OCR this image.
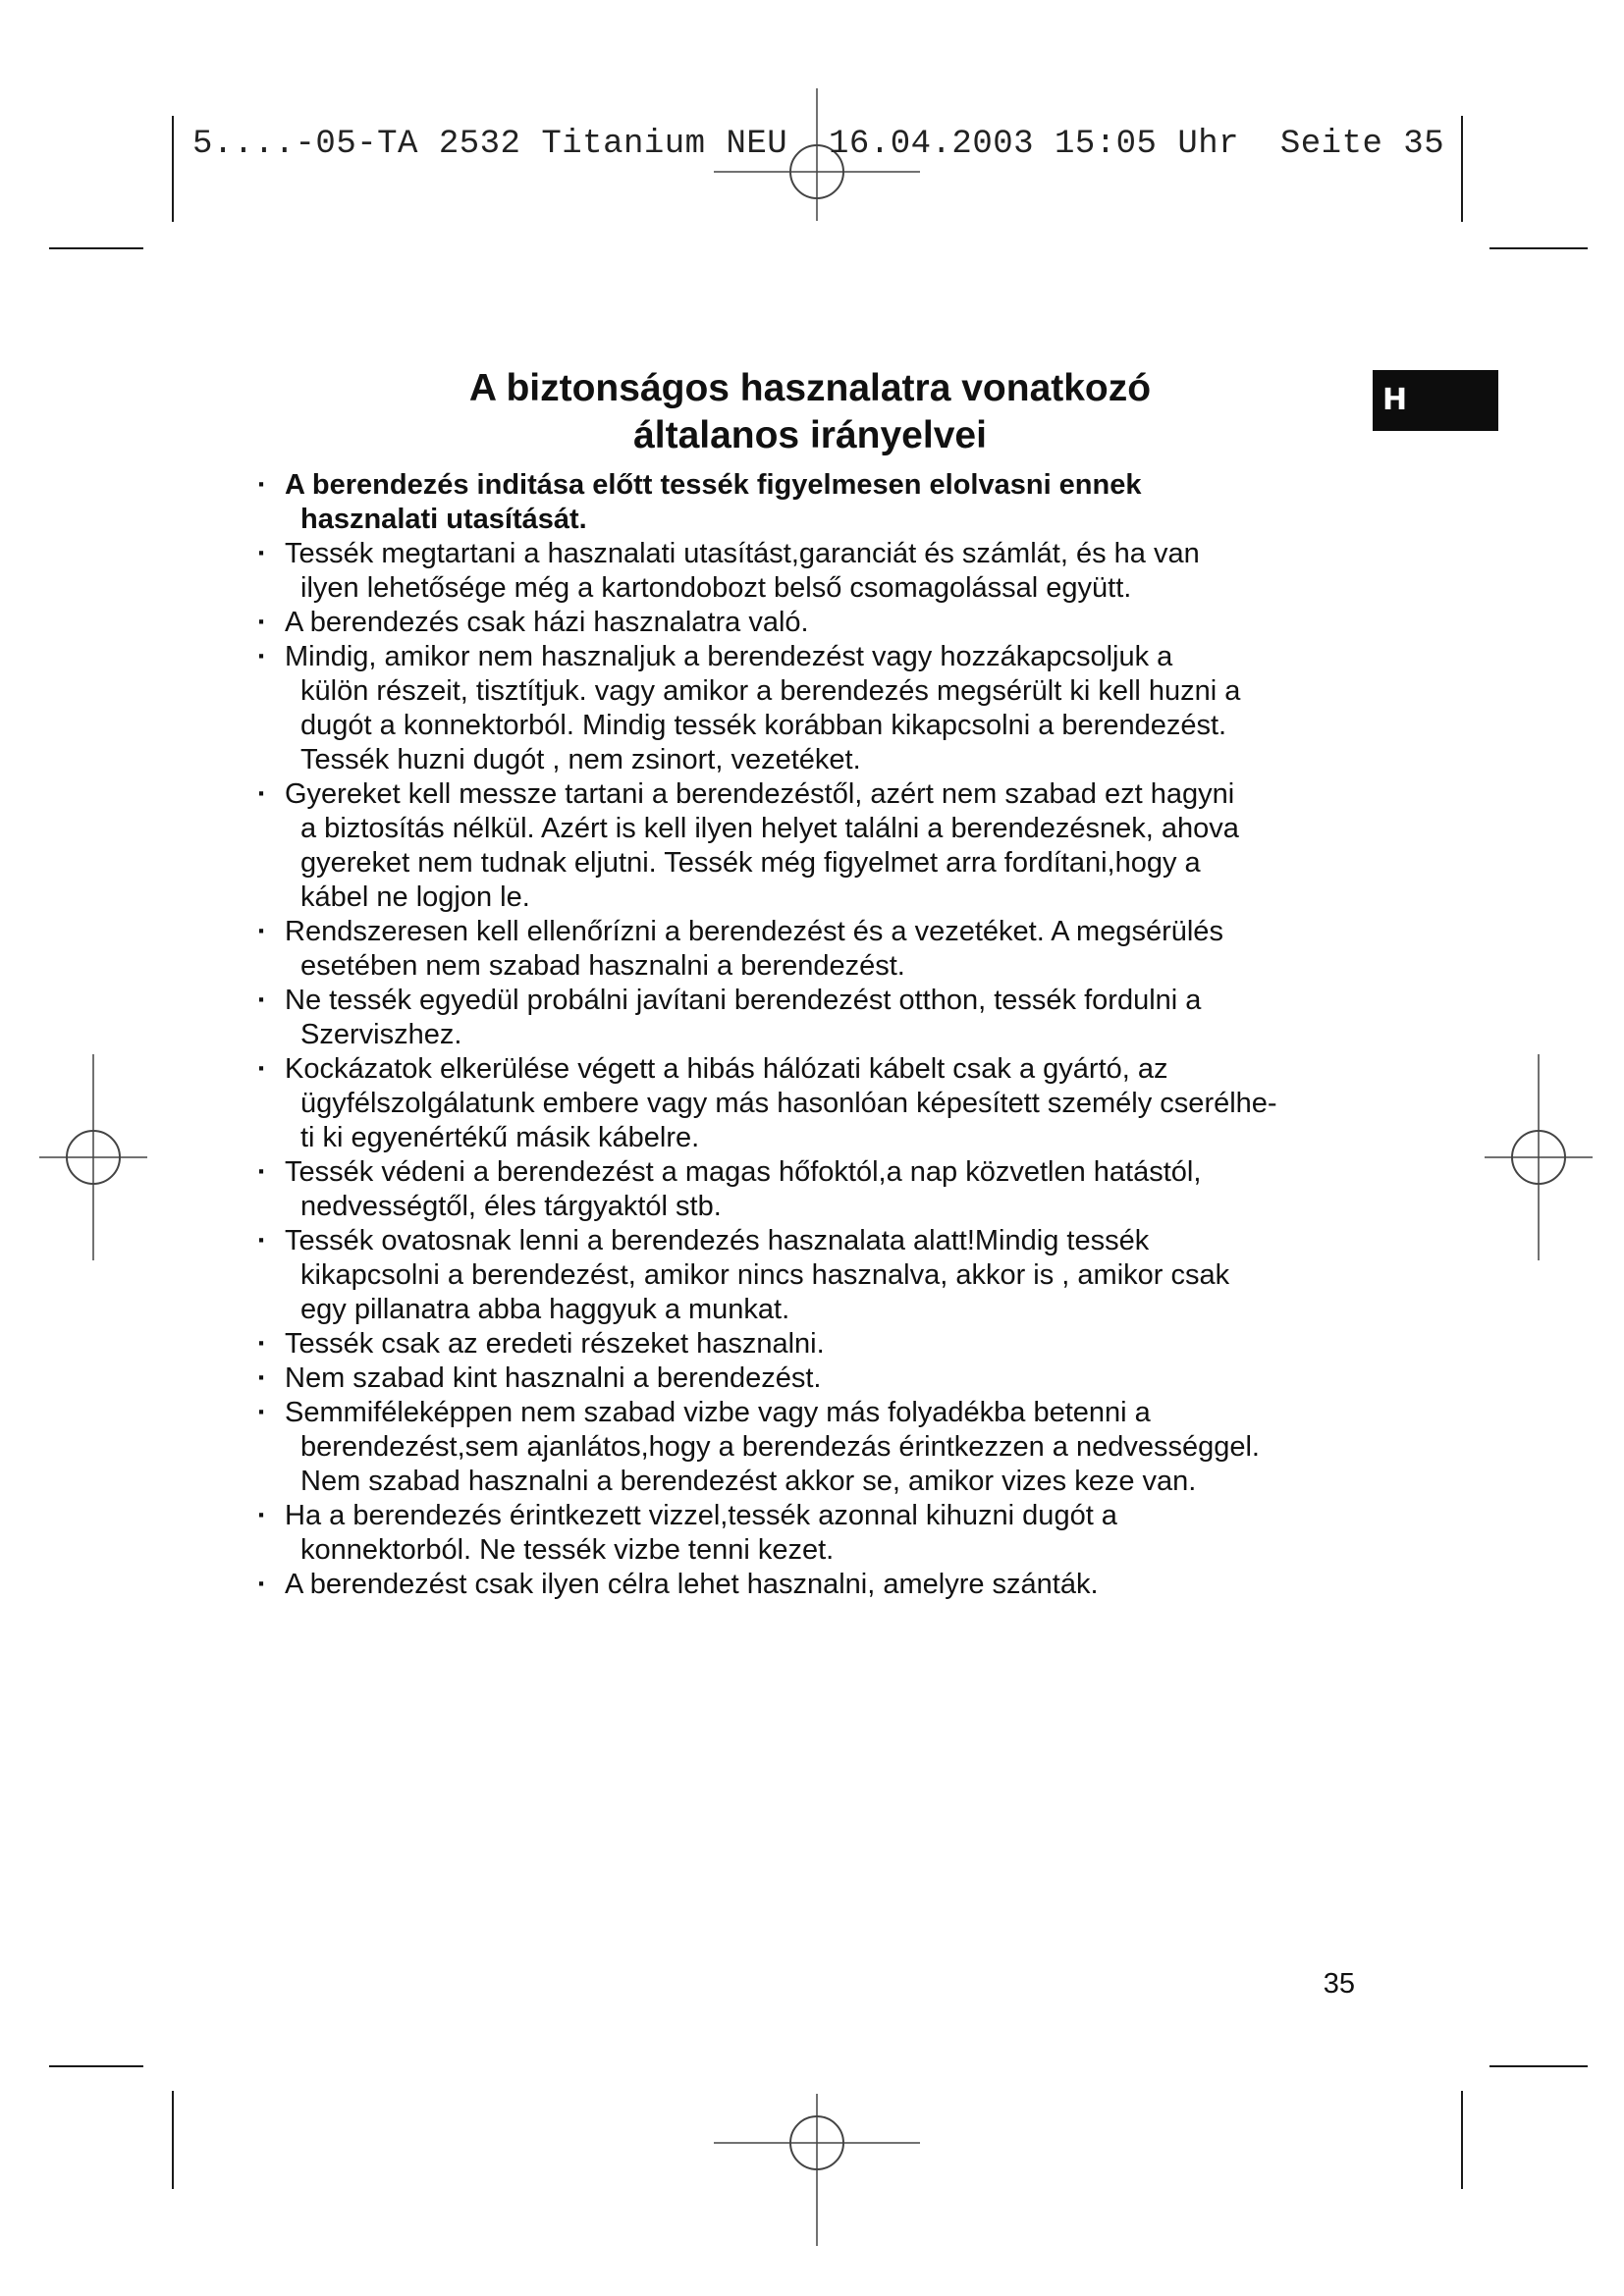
5....-05-TA 2532 Titanium NEU  16.04.2003 15:05 Uhr  Seite 35
H
A biztonságos hasznalatra vonatkozó
általanos irányelvei
· A berendezés inditása előtt tessék figyelmesen elolvasni ennek
hasznalati utasítását.
· Tessék megtartani a hasznalati utasítást,garanciát és számlát, és ha van
ilyen lehetősége még a kartondobozt belső csomagolással együtt.
· A berendezés csak házi hasznalatra való.
· Mindig, amikor nem hasznaljuk a berendezést vagy hozzákapcsoljuk a
külön részeit, tisztítjuk. vagy amikor a berendezés megsérült ki kell huzni a
dugót a konnektorból. Mindig tessék korábban kikapcsolni a berendezést.
Tessék huzni dugót , nem zsinort, vezetéket.
· Gyereket kell messze tartani a berendezéstől, azért nem szabad ezt hagyni
a biztosítás nélkül. Azért is kell ilyen helyet találni a berendezésnek, ahova
gyereket nem tudnak eljutni. Tessék még figyelmet arra fordítani,hogy a
kábel ne logjon le.
· Rendszeresen kell ellenőrízni a berendezést és a vezetéket. A megsérülés
esetében nem szabad hasznalni a berendezést.
· Ne tessék egyedül probálni javítani berendezést otthon, tessék fordulni a
Szerviszhez.
· Kockázatok elkerülése végett a hibás hálózati kábelt csak a gyártó, az
ügyfélszolgálatunk embere vagy más hasonlóan képesített személy cserélhe-
ti ki egyenértékű másik kábelre.
· Tessék védeni a berendezést a magas hőfoktól,a nap közvetlen hatástól,
nedvességtől, éles tárgyaktól stb.
· Tessék ovatosnak lenni a berendezés hasznalata alatt!Mindig tessék
kikapcsolni a berendezést, amikor nincs hasznalva, akkor is , amikor csak
egy pillanatra abba haggyuk a munkat.
· Tessék csak az eredeti részeket hasznalni.
· Nem szabad kint hasznalni a berendezést.
· Semmiféleképpen nem szabad vizbe vagy más folyadékba betenni a
berendezést,sem ajanlátos,hogy a berendezás érintkezzen a nedvességgel.
Nem szabad hasznalni a berendezést akkor se, amikor vizes keze van.
· Ha a berendezés érintkezett vizzel,tessék azonnal kihuzni dugót a
konnektorból. Ne tessék vizbe tenni kezet.
· A berendezést csak ilyen célra lehet hasznalni, amelyre szánták.
35
